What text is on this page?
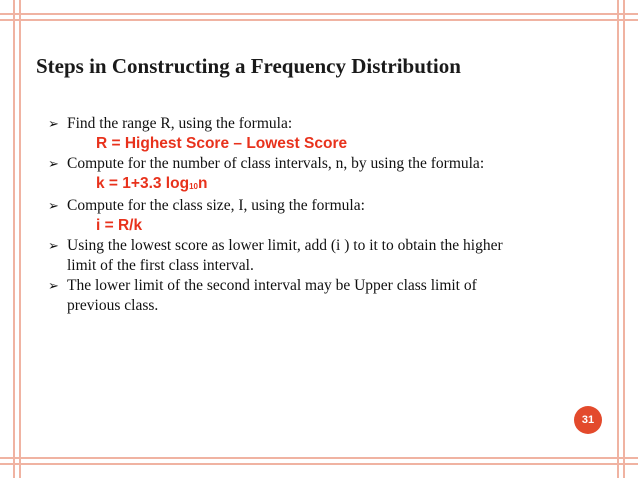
Steps in Constructing a Frequency Distribution
➢ Find the range R, using the formula:
R = Highest Score – Lowest Score
➢ Compute for the number of class intervals, n, by using the formula:
k = 1+3.3 $\log_{10}n$
➢ Compute for the class size, I, using the formula:
i = R/k
➢ Using the lowest score as lower limit, add (i ) to it to obtain the higher
limit of the first class interval.
➢ The lower limit of the second interval may be Upper class limit of
previous class.
31
